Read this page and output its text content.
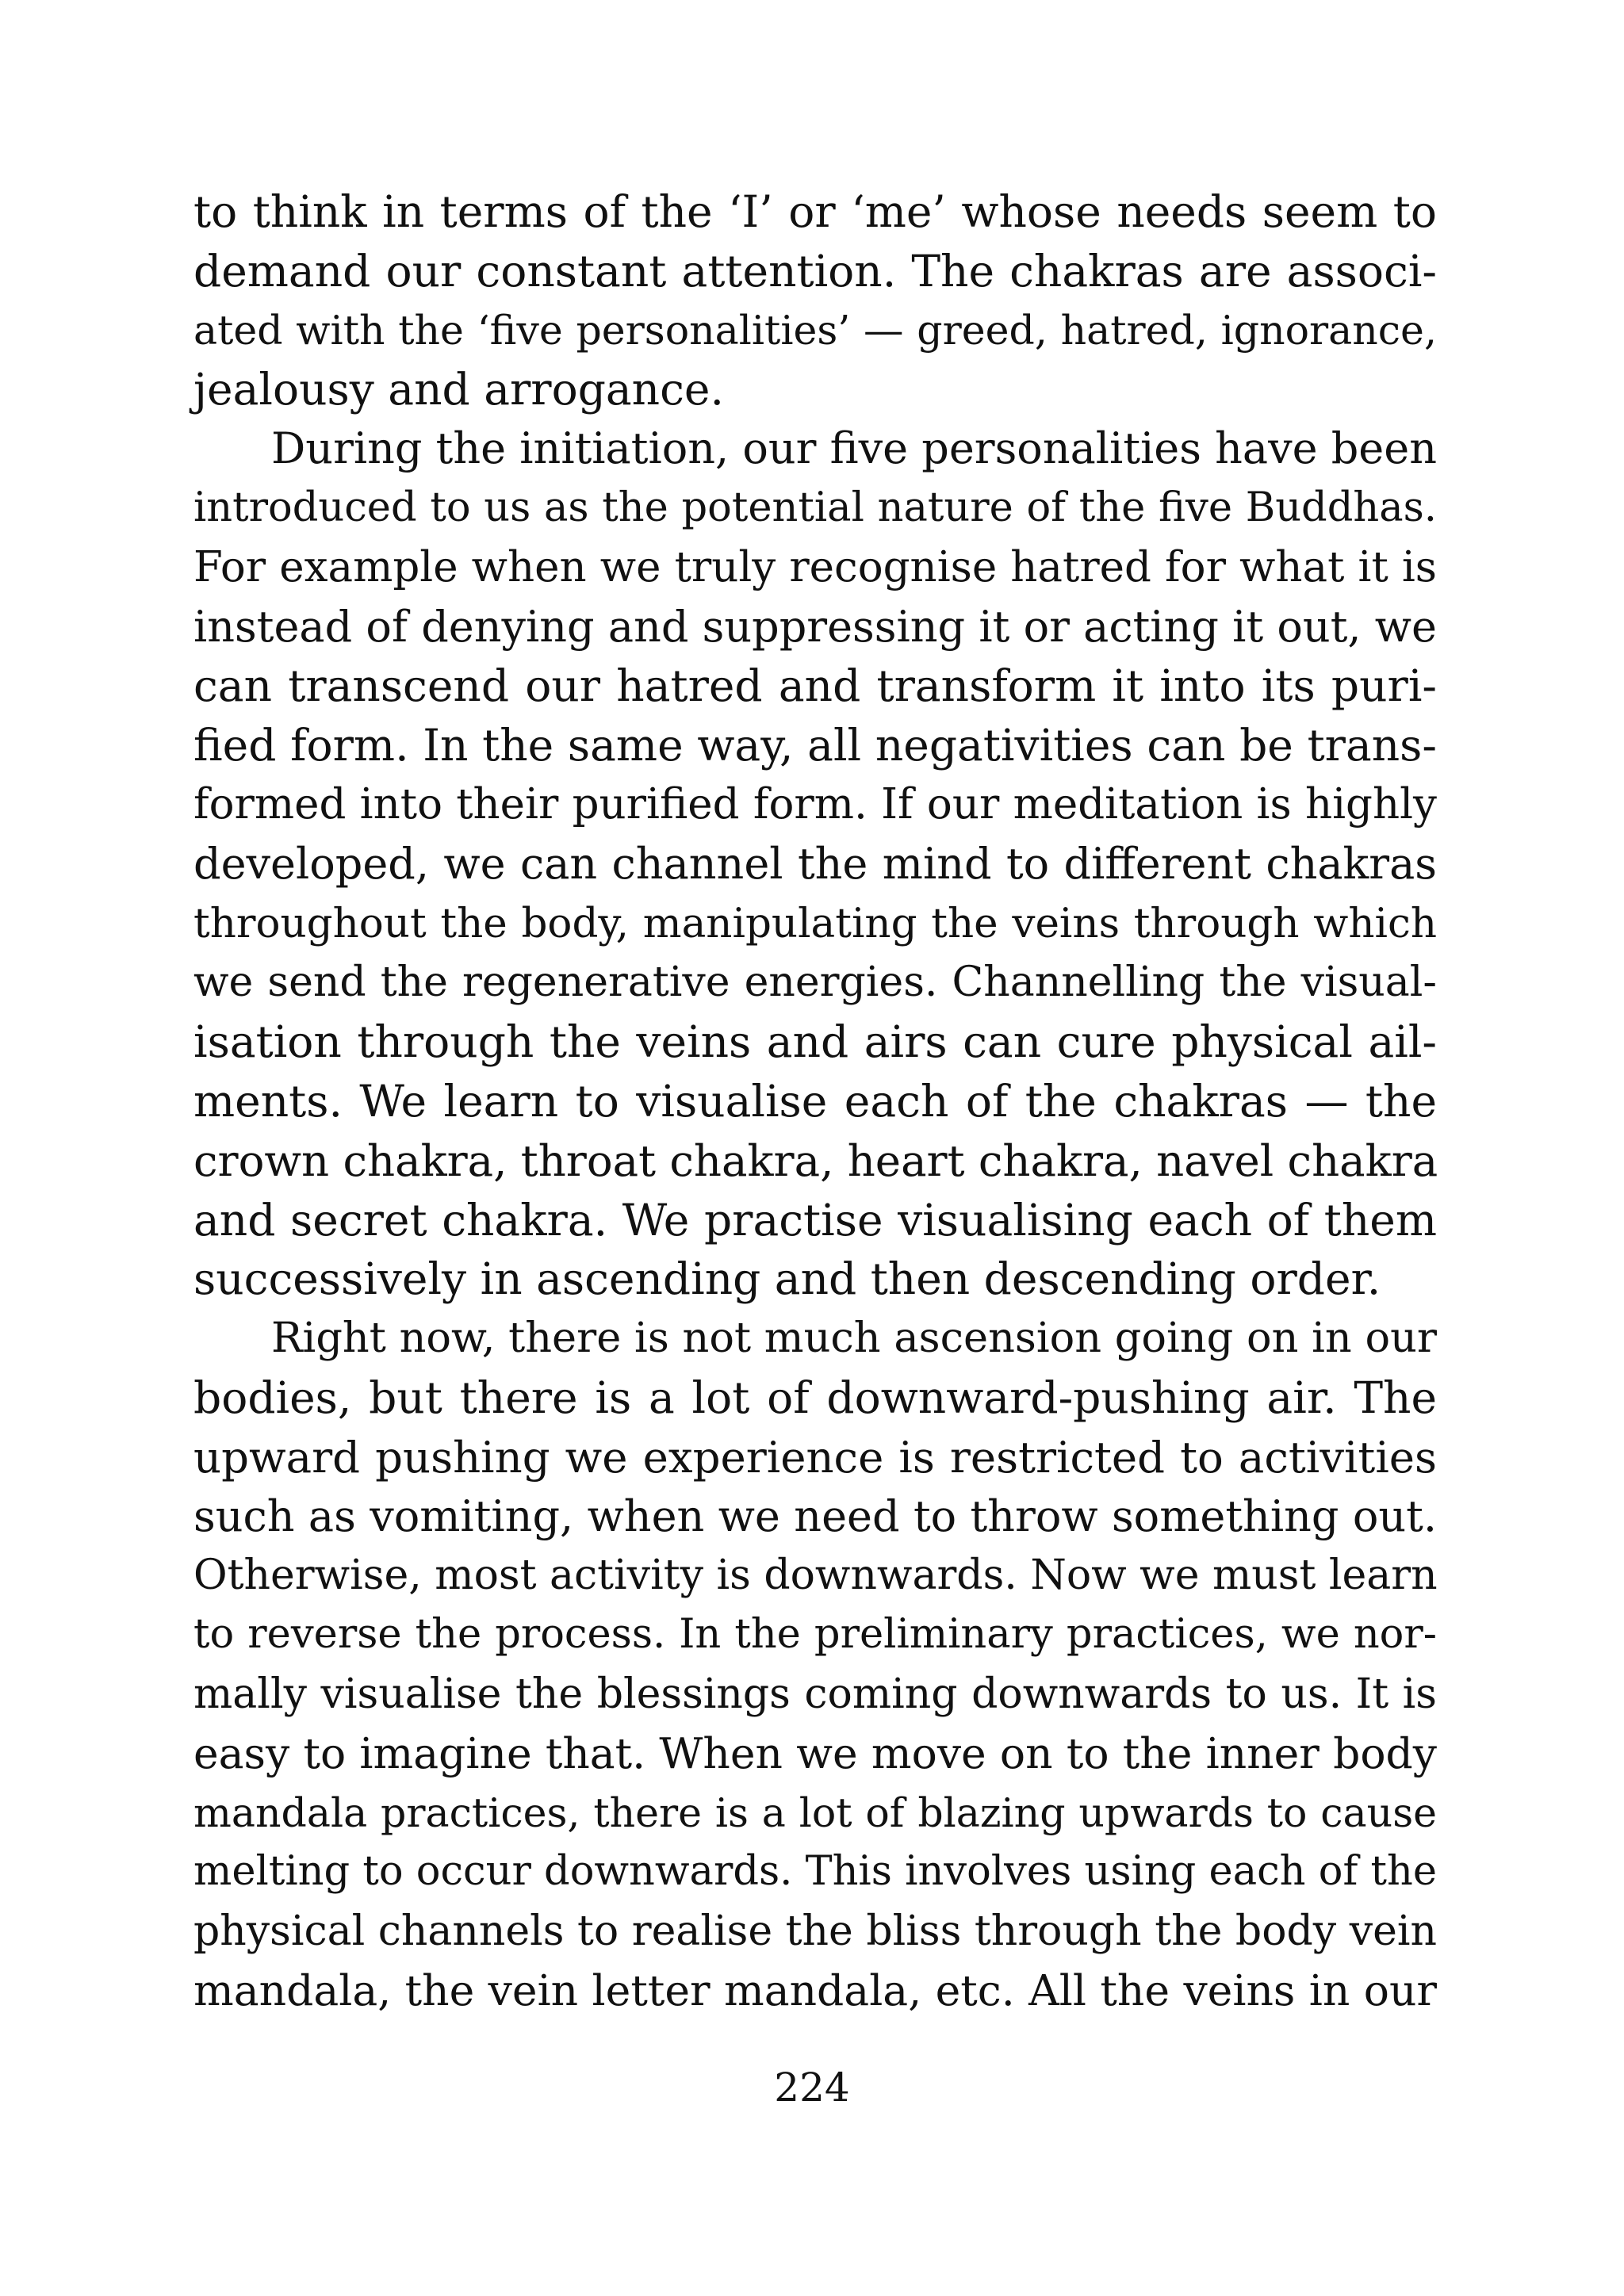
to think in terms of the ‘I’ or ‘me’ whose needs seem to
demand our constant attention. The chakras are associ-
ated with the ‘five personalities’ — greed, hatred, ignorance,
jealousy and arrogance.
During the initiation, our five personalities have been
introduced to us as the potential nature of the five Buddhas.
For example when we truly recognise hatred for what it is
instead of denying and suppressing it or acting it out, we
can transcend our hatred and transform it into its puri-
fied form. In the same way, all negativities can be trans-
formed into their purified form. If our meditation is highly
developed, we can channel the mind to different chakras
throughout the body, manipulating the veins through which
we send the regenerative energies. Channelling the visual-
isation through the veins and airs can cure physical ail-
ments. We learn to visualise each of the chakras — the
crown chakra, throat chakra, heart chakra, navel chakra
and secret chakra. We practise visualising each of them
successively in ascending and then descending order.
Right now, there is not much ascension going on in our
bodies, but there is a lot of downward-pushing air. The
upward pushing we experience is restricted to activities
such as vomiting, when we need to throw something out.
Otherwise, most activity is downwards. Now we must learn
to reverse the process. In the preliminary practices, we nor-
mally visualise the blessings coming downwards to us. It is
easy to imagine that. When we move on to the inner body
mandala practices, there is a lot of blazing upwards to cause
melting to occur downwards. This involves using each of the
physical channels to realise the bliss through the body vein
mandala, the vein letter mandala, etc. All the veins in our
224
